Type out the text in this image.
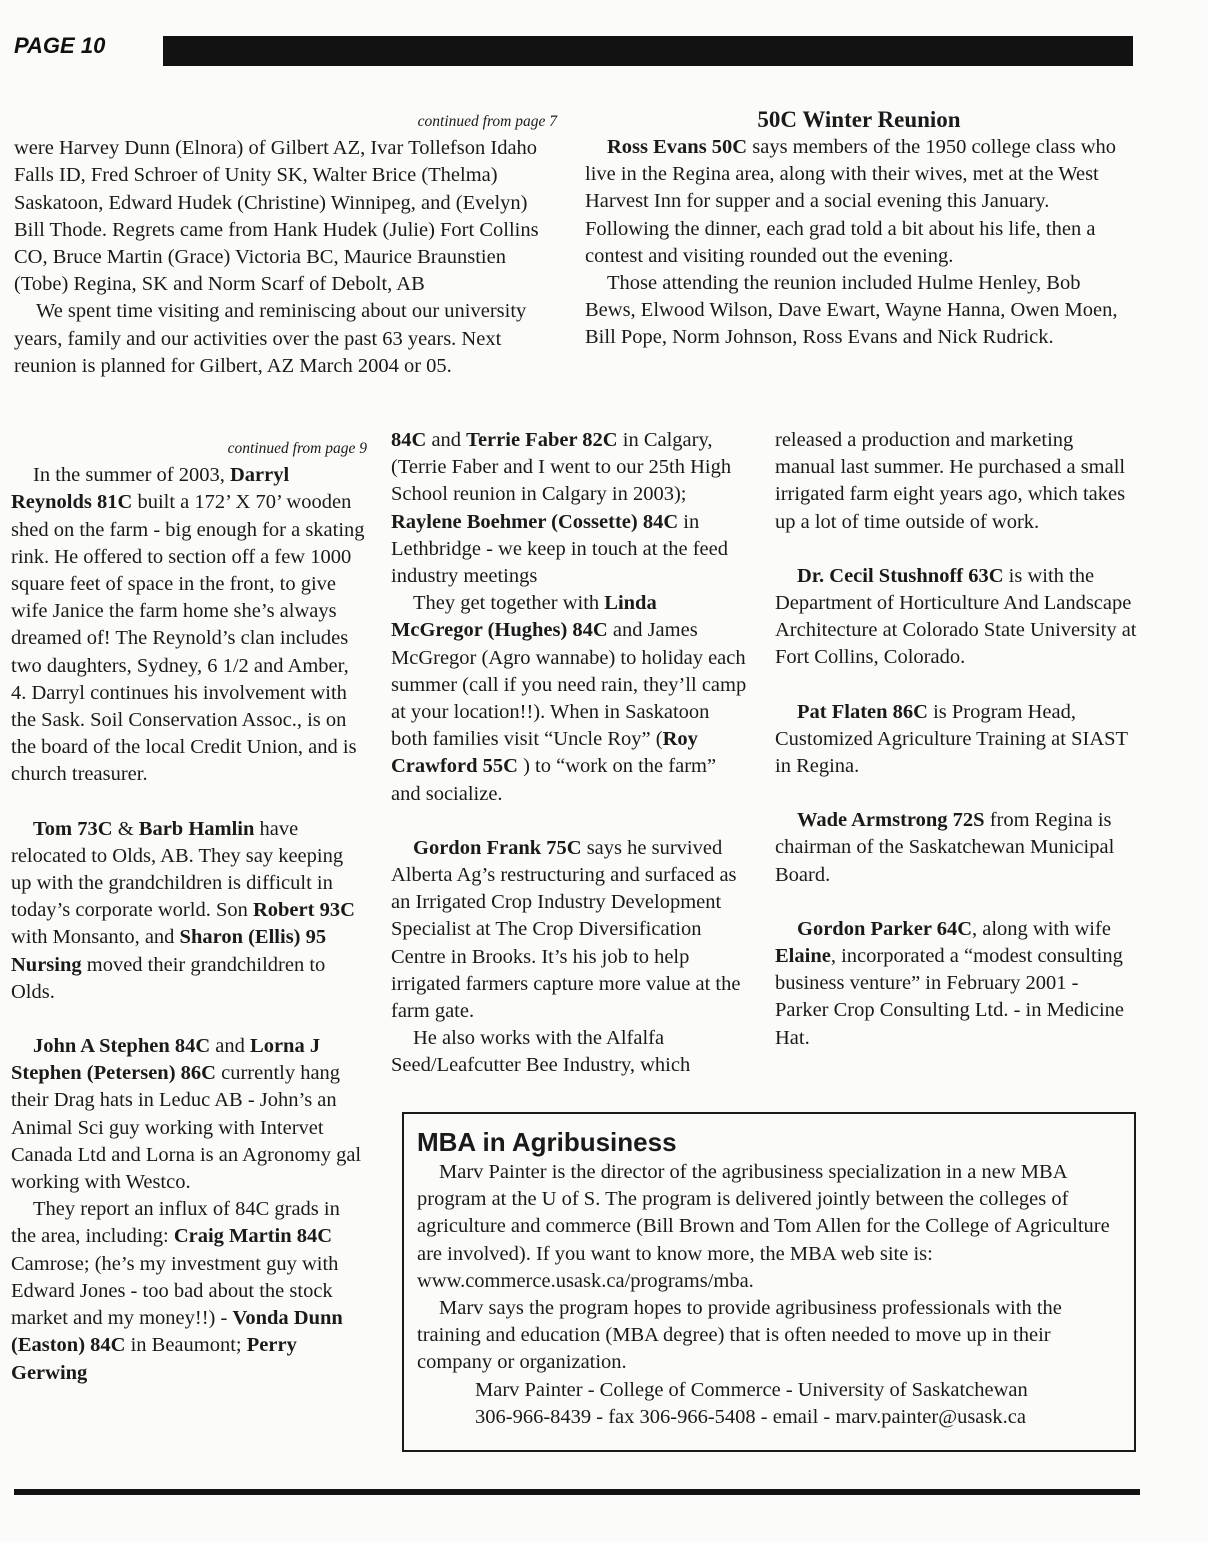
PAGE 10

continued from page 7

were Harvey Dunn (Elnora) of Gilbert AZ, Ivar Tollefson Idaho Falls ID, Fred Schroer of Unity SK, Walter Brice (Thelma) Saskatoon, Edward Hudek (Christine) Winnipeg, and (Evelyn) Bill Thode. Regrets came from Hank Hudek (Julie) Fort Collins CO, Bruce Martin (Grace) Victoria BC, Maurice Braunstien (Tobe) Regina, SK and Norm Scarf of Debolt, AB

We spent time visiting and reminiscing about our university years, family and our activities over the past 63 years. Next reunion is planned for Gilbert, AZ March 2004 or 05.

50C Winter Reunion

Ross Evans 50C says members of the 1950 college class who live in the Regina area, along with their wives, met at the West Harvest Inn for supper and a social evening this January. Following the dinner, each grad told a bit about his life, then a contest and visiting rounded out the evening.

Those attending the reunion included Hulme Henley, Bob Bews, Elwood Wilson, Dave Ewart, Wayne Hanna, Owen Moen, Bill Pope, Norm Johnson, Ross Evans and Nick Rudrick.

continued from page 9

In the summer of 2003, Darryl Reynolds 81C built a 172’ X 70’ wooden shed on the farm - big enough for a skating rink. He offered to section off a few 1000 square feet of space in the front, to give wife Janice the farm home she’s always dreamed of! The Reynold’s clan includes two daughters, Sydney, 6 1/2 and Amber, 4. Darryl continues his involvement with the Sask. Soil Conservation Assoc., is on the board of the local Credit Union, and is church treasurer.

Tom 73C & Barb Hamlin have relocated to Olds, AB. They say keeping up with the grandchildren is difficult in today’s corporate world. Son Robert 93C with Monsanto, and Sharon (Ellis) 95 Nursing moved their grandchildren to Olds.

John A Stephen 84C and Lorna J Stephen (Petersen) 86C currently hang their Drag hats in Leduc AB - John’s an Animal Sci guy working with Intervet Canada Ltd and Lorna is an Agronomy gal working with Westco.

They report an influx of 84C grads in the area, including: Craig Martin 84C Camrose; (he’s my investment guy with Edward Jones - too bad about the stock market and my money!!) - Vonda Dunn (Easton) 84C in Beaumont; Perry Gerwing

84C and Terrie Faber 82C in Calgary, (Terrie Faber and I went to our 25th High School reunion in Calgary in 2003); Raylene Boehmer (Cossette) 84C in Lethbridge - we keep in touch at the feed industry meetings

They get together with Linda McGregor (Hughes) 84C and James McGregor (Agro wannabe) to holiday each summer (call if you need rain, they’ll camp at your location!!). When in Saskatoon both families visit “Uncle Roy” (Roy Crawford 55C ) to “work on the farm” and socialize.

Gordon Frank 75C says he survived Alberta Ag’s restructuring and surfaced as an Irrigated Crop Industry Development Specialist at The Crop Diversification Centre in Brooks. It’s his job to help irrigated farmers capture more value at the farm gate.

He also works with the Alfalfa Seed/Leafcutter Bee Industry, which

released a production and marketing manual last summer. He purchased a small irrigated farm eight years ago, which takes up a lot of time outside of work.

Dr. Cecil Stushnoff 63C is with the Department of Horticulture And Landscape Architecture at Colorado State University at Fort Collins, Colorado.

Pat Flaten 86C is Program Head, Customized Agriculture Training at SIAST in Regina.

Wade Armstrong 72S from Regina is chairman of the Saskatchewan Municipal Board.

Gordon Parker 64C, along with wife Elaine, incorporated a “modest consulting business venture” in February 2001 - Parker Crop Consulting Ltd. - in Medicine Hat.

MBA in Agribusiness

Marv Painter is the director of the agribusiness specialization in a new MBA program at the U of S. The program is delivered jointly between the colleges of agriculture and commerce (Bill Brown and Tom Allen for the College of Agriculture are involved). If you want to know more, the MBA web site is: www.commerce.usask.ca/programs/mba.

Marv says the program hopes to provide agribusiness professionals with the training and education (MBA degree) that is often needed to move up in their company or organization.

Marv Painter - College of Commerce - University of Saskatchewan
306-966-8439 - fax 306-966-5408 - email - marv.painter@usask.ca
